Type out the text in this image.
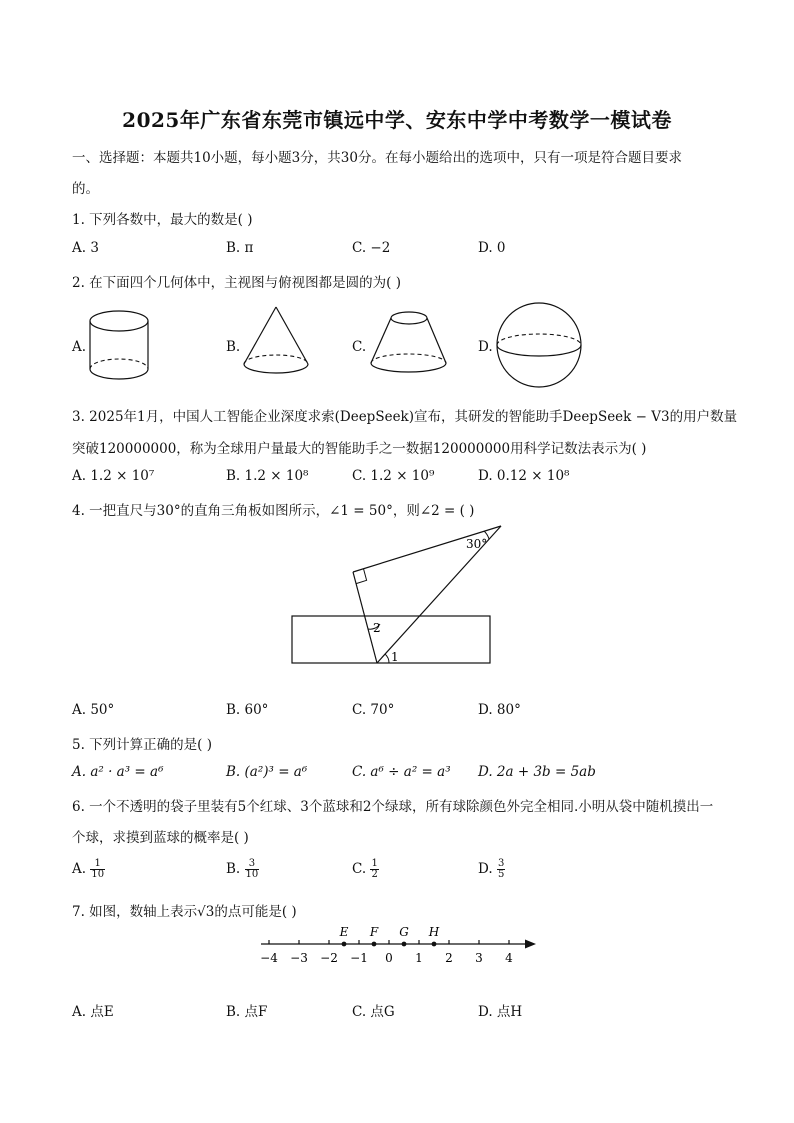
2025年广东省东莞市镇远中学、安东中学中考数学一模试卷
一、选择题：本题共10小题，每小题3分，共30分。在每小题给出的选项中，只有一项是符合题目要求
的。
1. 下列各数中，最大的数是( )
A. 3	B. π	C. −2	D. 0
2. 在下面四个几何体中，主视图与俯视图都是圆的为( )
A.	B.	C.	D.
3. 2025年1月，中国人工智能企业深度求索(DeepSeek)宣布，其研发的智能助手DeepSeek − V3的用户数量
突破120000000，称为全球用户量最大的智能助手之一数据120000000用科学记数法表示为( )
A. 1.2 × 10⁷	B. 1.2 × 10⁸	C. 1.2 × 10⁹	D. 0.12 × 10⁸
4. 一把直尺与30°的直角三角板如图所示，∠1 = 50°，则∠2 = ( )
30°
1
2
A. 50°	B. 60°	C. 70°	D. 80°
5. 下列计算正确的是( )
A. a² · a³ = a⁶	B. (a²)³ = a⁶	C. a⁶ ÷ a² = a³ D. 2a + 3b = 5ab
6. 一个不透明的袋子里装有5个红球、3个蓝球和2个绿球，所有球除颜色外完全相同.小明从袋中随机摸出一
个球，求摸到蓝球的概率是( )
A. $\frac{1}{10}$	B. $\frac{3}{10}$	C. $\frac{1}{2}$	D. $\frac{3}{5}$
7. 如图，数轴上表示√3的点可能是( )
−4 −3 −2 −1 0 1 2 3 4
E F G H
A. 点E	B. 点F	C. 点G	D. 点H
